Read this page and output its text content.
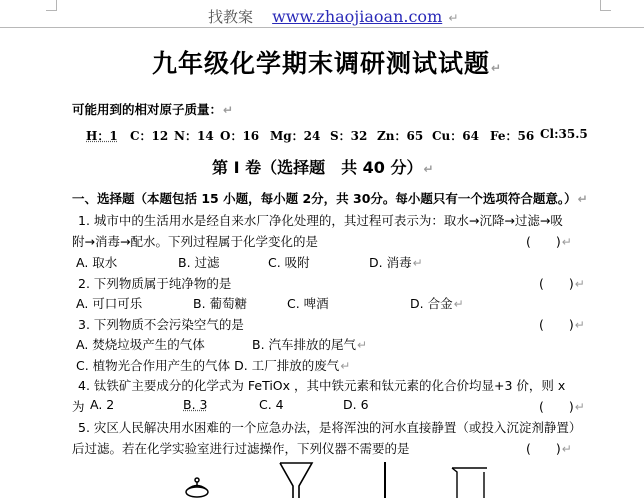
找教案 www.zhaojiaoan.com ↵
九年级化学期末调研测试试题↵
可能用到的相对原子质量：↵
H：1 C：12 N：14 O：16 Mg：24 S：32 Zn：65 Cu：64 Fe：56 Cl:35.5
第 I 卷（选择题　共 40 分）↵
一、选择题（本题包括 15 小题，每小题 2分，共 30分。每小题只有一个选项符合题意。）↵
1. 城市中的生活用水是经自来水厂净化处理的，其过程可表示为：取水→沉降→过滤→吸
附→消毒→配水。下列过程属于化学变化的是	(　　)↵
A. 取水	B. 过滤	C. 吸附	D. 消毒↵
2. 下列物质属于纯净物的是	(　　)↵
A. 可口可乐	B. 葡萄糖	C. 啤酒	D. 合金↵
3. 下列物质不会污染空气的是	(　　)↵
A. 焚烧垃圾产生的气体	B. 汽车排放的尾气↵
C. 植物光合作用产生的气体 D. 工厂排放的废气↵
4. 钛铁矿主要成分的化学式为 FeTiOx ，其中铁元素和钛元素的化合价均显+3 价，则 x
为 A. 2	B. 3	C. 4	D. 6	(　　)↵
5. 灾区人民解决用水困难的一个应急办法，是将浑浊的河水直接静置（或投入沉淀剂静置）
后过滤。若在化学实验室进行过滤操作，下列仪器不需要的是	(　　)↵
